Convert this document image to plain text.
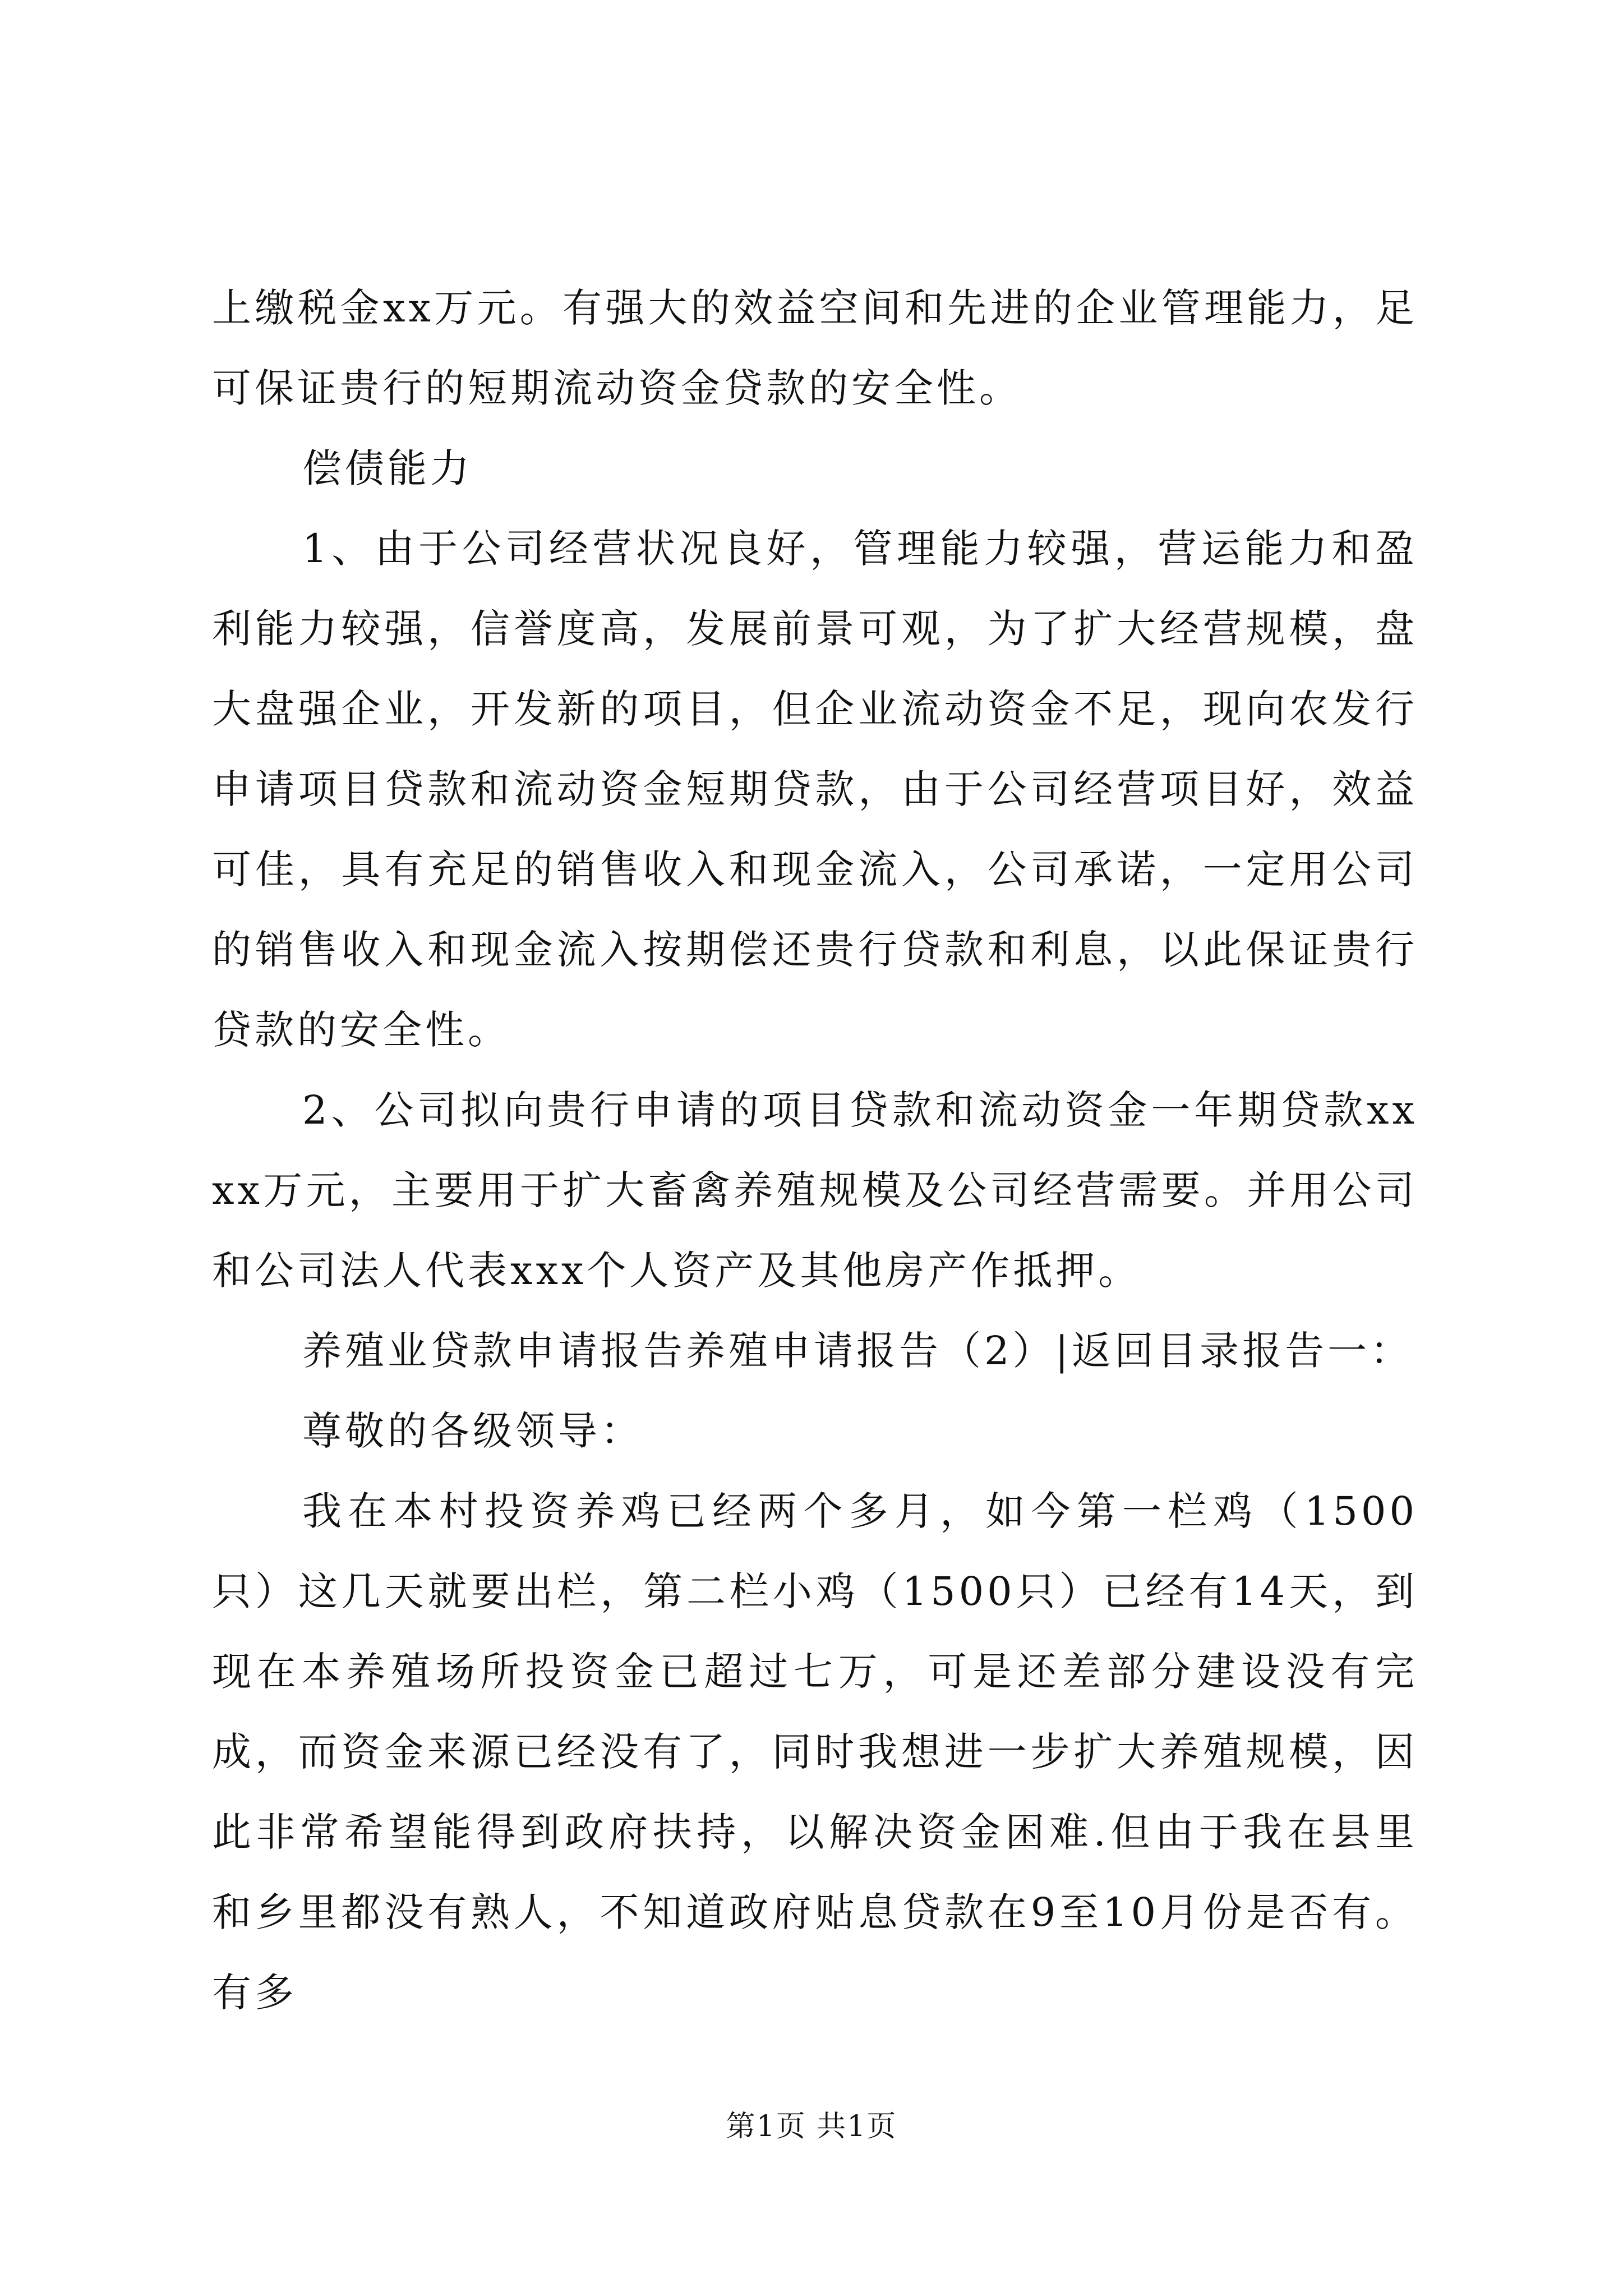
上缴税金xx万元。有强大的效益空间和先进的企业管理能力，足可保证贵行的短期流动资金贷款的安全性。

偿债能力

1、由于公司经营状况良好，管理能力较强，营运能力和盈利能力较强，信誉度高，发展前景可观，为了扩大经营规模，盘大盘强企业，开发新的项目，但企业流动资金不足，现向农发行申请项目贷款和流动资金短期贷款，由于公司经营项目好，效益可佳，具有充足的销售收入和现金流入，公司承诺，一定用公司的销售收入和现金流入按期偿还贵行贷款和利息，以此保证贵行贷款的安全性。

2、公司拟向贵行申请的项目贷款和流动资金一年期贷款xxxx万元，主要用于扩大畜禽养殖规模及公司经营需要。并用公司和公司法人代表xxx个人资产及其他房产作抵押。

养殖业贷款申请报告养殖申请报告（2）|返回目录报告一：

尊敬的各级领导：

我在本村投资养鸡已经两个多月，如今第一栏鸡（1500只）这几天就要出栏，第二栏小鸡（1500只）已经有14天，到现在本养殖场所投资金已超过七万，可是还差部分建设没有完成，而资金来源已经没有了，同时我想进一步扩大养殖规模，因此非常希望能得到政府扶持，以解决资金困难.但由于我在县里和乡里都没有熟人，不知道政府贴息贷款在9至10月份是否有。有多

第1页 共1页
